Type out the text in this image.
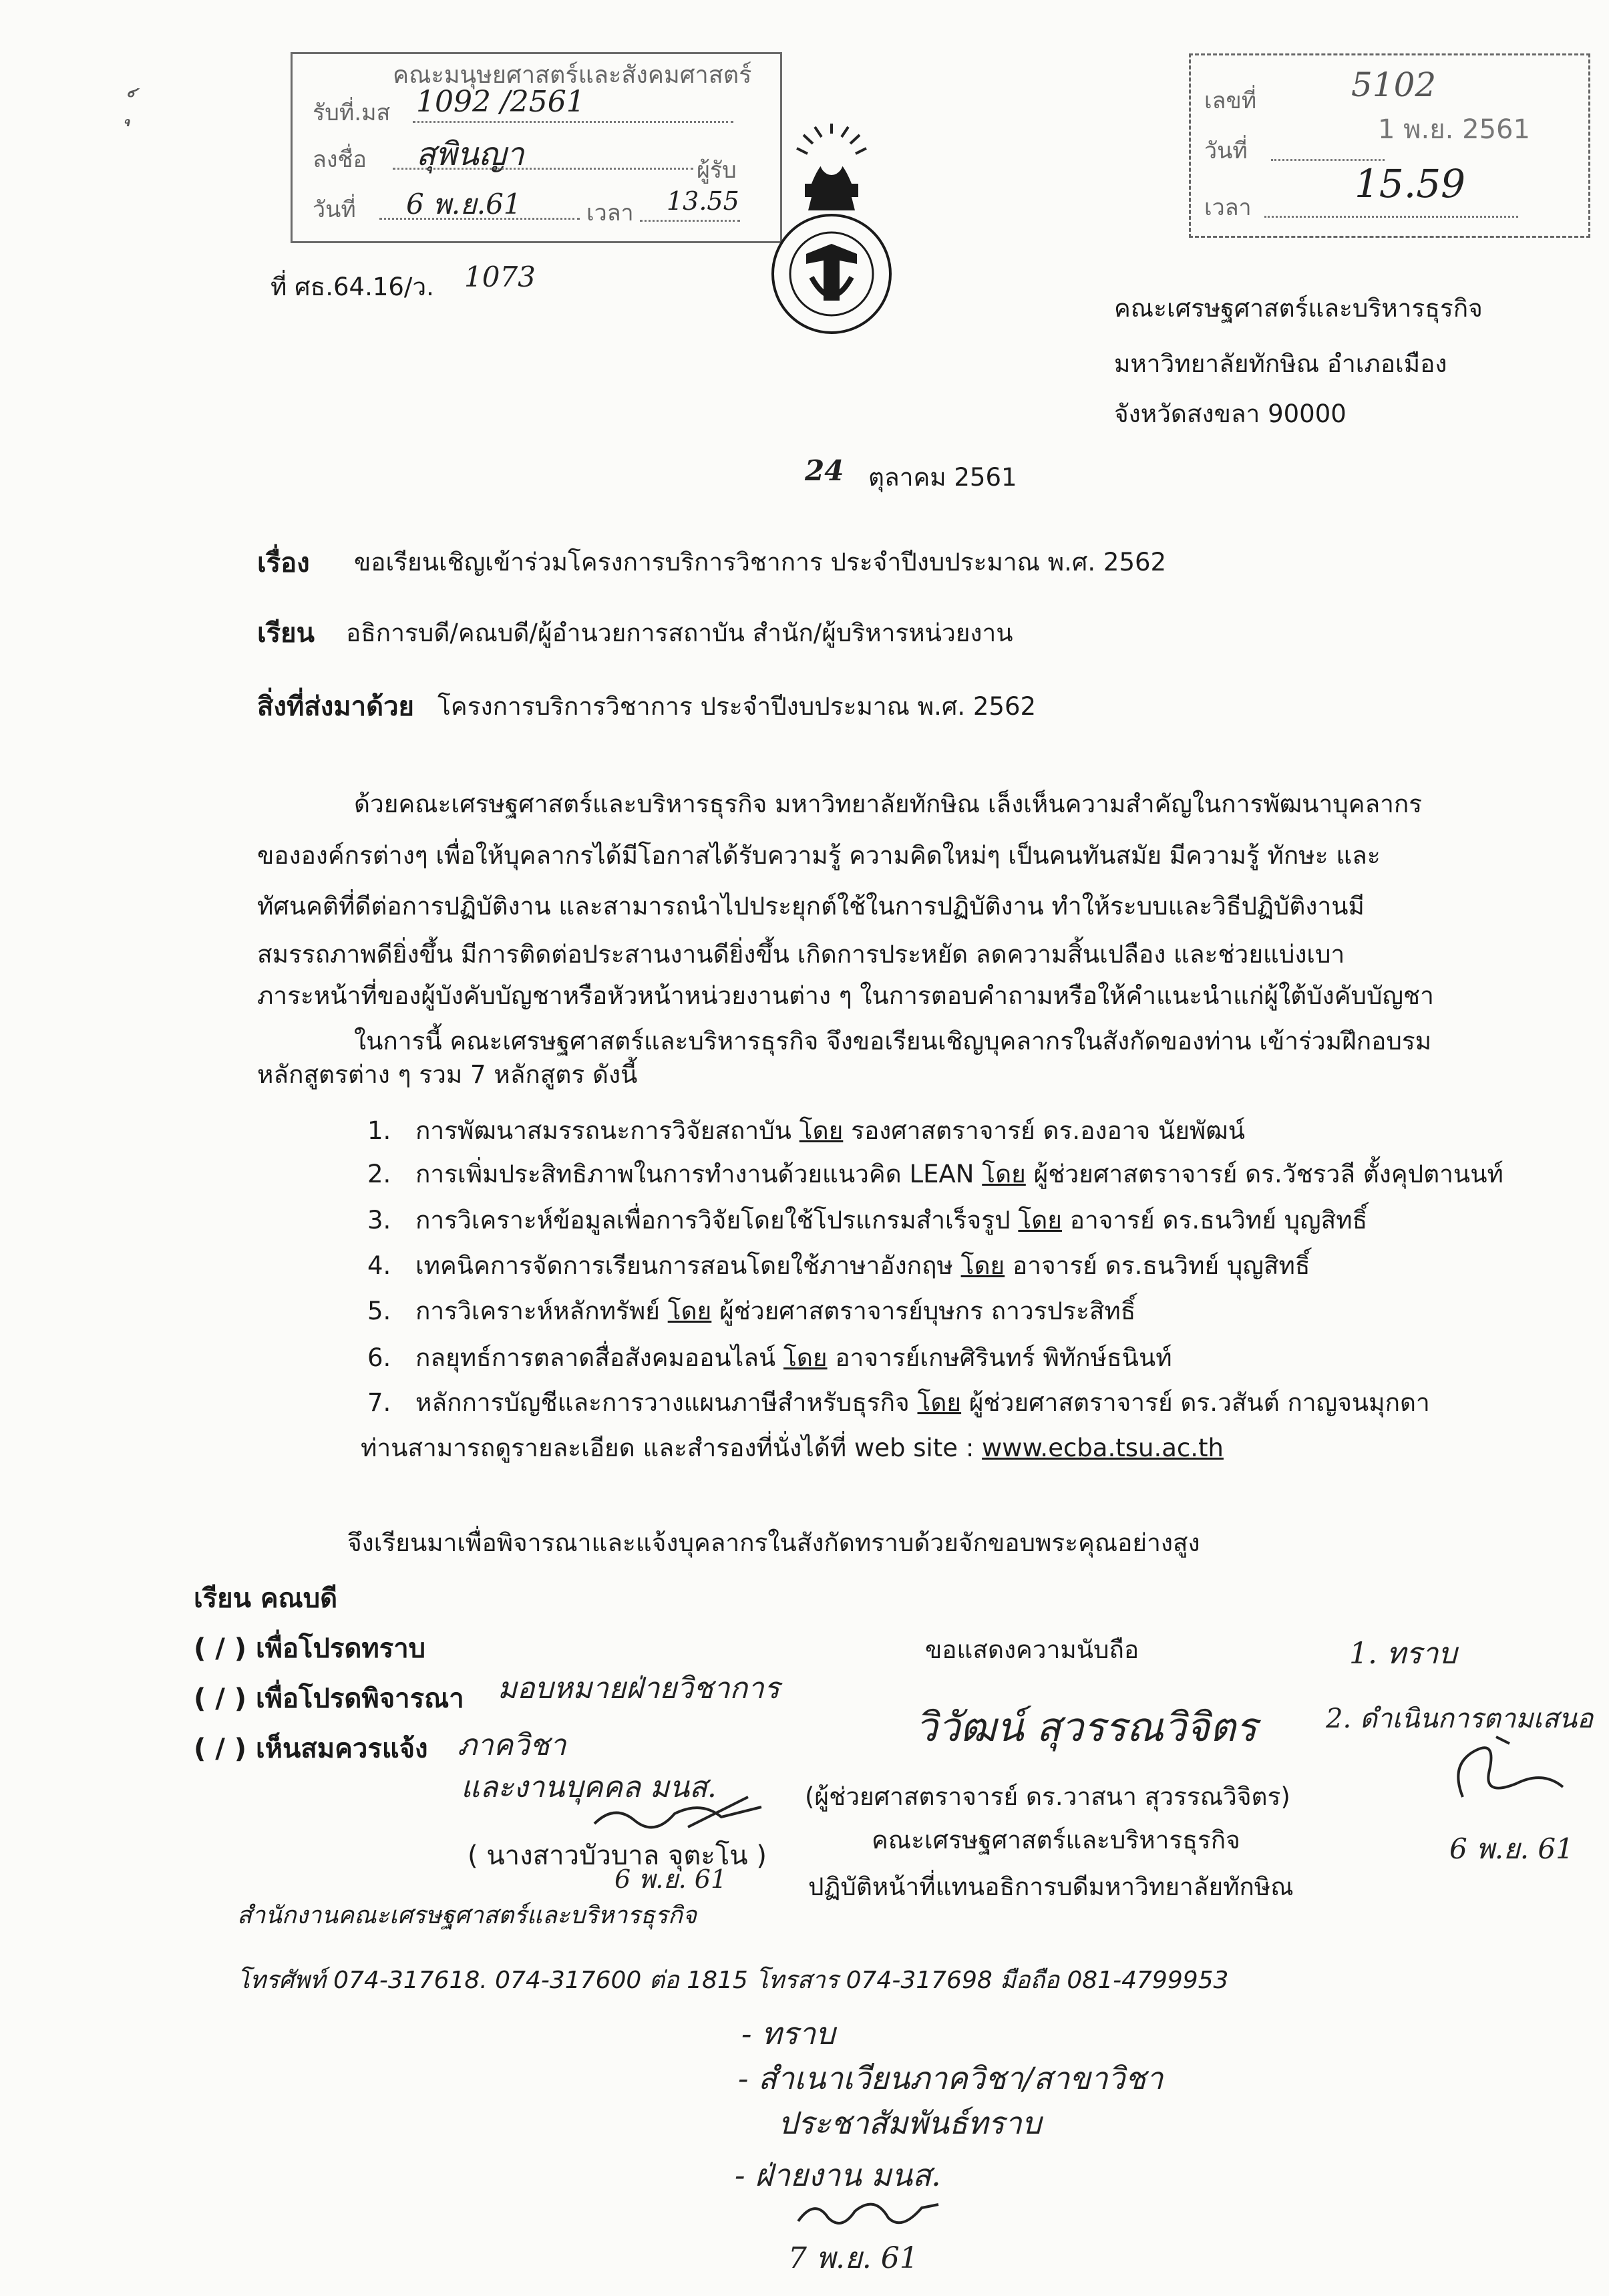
คณะมนุษยศาสตร์และสังคมศาสตร์
รับที่.มส 1092 /2561
ลงชื่อ สุพินญา	ผู้รับ
วันที่ 6 พ.ย.61	เวลา 13.55
เลขที่	5102
วันที่
1 พ.ย. 2561
เวลา
15.59
ที่ ศธ.64.16/ว. 1073
คณะเศรษฐศาสตร์และบริหารธุรกิจ
มหาวิทยาลัยทักษิณ อำเภอเมือง
จังหวัดสงขลา 90000
24 ตุลาคม 2561
เรื่อง ขอเรียนเชิญเข้าร่วมโครงการบริการวิชาการ ประจำปีงบประมาณ พ.ศ. 2562
เรียน อธิการบดี/คณบดี/ผู้อำนวยการสถาบัน สำนัก/ผู้บริหารหน่วยงาน
สิ่งที่ส่งมาด้วย โครงการบริการวิชาการ ประจำปีงบประมาณ พ.ศ. 2562
ด้วยคณะเศรษฐศาสตร์และบริหารธุรกิจ มหาวิทยาลัยทักษิณ เล็งเห็นความสำคัญในการพัฒนาบุคลากร
ขององค์กรต่างๆ เพื่อให้บุคลากรได้มีโอกาสได้รับความรู้ ความคิดใหม่ๆ เป็นคนทันสมัย มีความรู้ ทักษะ และ
ทัศนคติที่ดีต่อการปฏิบัติงาน และสามารถนำไปประยุกต์ใช้ในการปฏิบัติงาน ทำให้ระบบและวิธีปฏิบัติงานมี
สมรรถภาพดียิ่งขึ้น มีการติดต่อประสานงานดียิ่งขึ้น เกิดการประหยัด ลดความสิ้นเปลือง และช่วยแบ่งเบา
ภาระหน้าที่ของผู้บังคับบัญชาหรือหัวหน้าหน่วยงานต่าง ๆ ในการตอบคำถามหรือให้คำแนะนำแก่ผู้ใต้บังคับบัญชา
ในการนี้ คณะเศรษฐศาสตร์และบริหารธุรกิจ จึงขอเรียนเชิญบุคลากรในสังกัดของท่าน เข้าร่วมฝึกอบรม
หลักสูตรต่าง ๆ รวม 7 หลักสูตร ดังนี้
1. การพัฒนาสมรรถนะการวิจัยสถาบัน โดย รองศาสตราจารย์ ดร.องอาจ นัยพัฒน์
2. การเพิ่มประสิทธิภาพในการทำงานด้วยแนวคิด LEAN โดย ผู้ช่วยศาสตราจารย์ ดร.วัชรวลี ตั้งคุปตานนท์
3. การวิเคราะห์ข้อมูลเพื่อการวิจัยโดยใช้โปรแกรมสำเร็จรูป โดย อาจารย์ ดร.ธนวิทย์ บุญสิทธิ์
4. เทคนิคการจัดการเรียนการสอนโดยใช้ภาษาอังกฤษ โดย อาจารย์ ดร.ธนวิทย์ บุญสิทธิ์
5. การวิเคราะห์หลักทรัพย์ โดย ผู้ช่วยศาสตราจารย์บุษกร ถาวรประสิทธิ์
6. กลยุทธ์การตลาดสื่อสังคมออนไลน์ โดย อาจารย์เกษศิรินทร์ พิทักษ์ธนินท์
7. หลักการบัญชีและการวางแผนภาษีสำหรับธุรกิจ โดย ผู้ช่วยศาสตราจารย์ ดร.วสันต์ กาญจนมุกดา
ท่านสามารถดูรายละเอียด และสำรองที่นั่งได้ที่ web site : www.ecba.tsu.ac.th
จึงเรียนมาเพื่อพิจารณาและแจ้งบุคลากรในสังกัดทราบด้วยจักขอบพระคุณอย่างสูง
เรียน คณบดี
( / ) เพื่อโปรดทราบ
( / ) เพื่อโปรดพิจารณา มอบหมายฝ่ายวิชาการ
( / ) เห็นสมควรแจ้ง ภาควิชา
และงานบุคคล มนส.
( นางสาวบัวบาล จุตะโน )
6 พ.ย. 61
ขอแสดงความนับถือ
วิวัฒน์ สุวรรณวิจิตร
(ผู้ช่วยศาสตราจารย์ ดร.วาสนา สุวรรณวิจิตร)
คณะเศรษฐศาสตร์และบริหารธุรกิจ
ปฏิบัติหน้าที่แทนอธิการบดีมหาวิทยาลัยทักษิณ
1. ทราบ
2. ดำเนินการตามเสนอ
6 พ.ย. 61
สำนักงานคณะเศรษฐศาสตร์และบริหารธุรกิจ
โทรศัพท์ 074-317618. 074-317600 ต่อ 1815 โทรสาร 074-317698 มือถือ 081-4799953
- ทราบ
- สำเนาเวียนภาควิชา/สาขาวิชา
ประชาสัมพันธ์ทราบ
- ฝ่ายงาน มนส.
7 พ.ย. 61
